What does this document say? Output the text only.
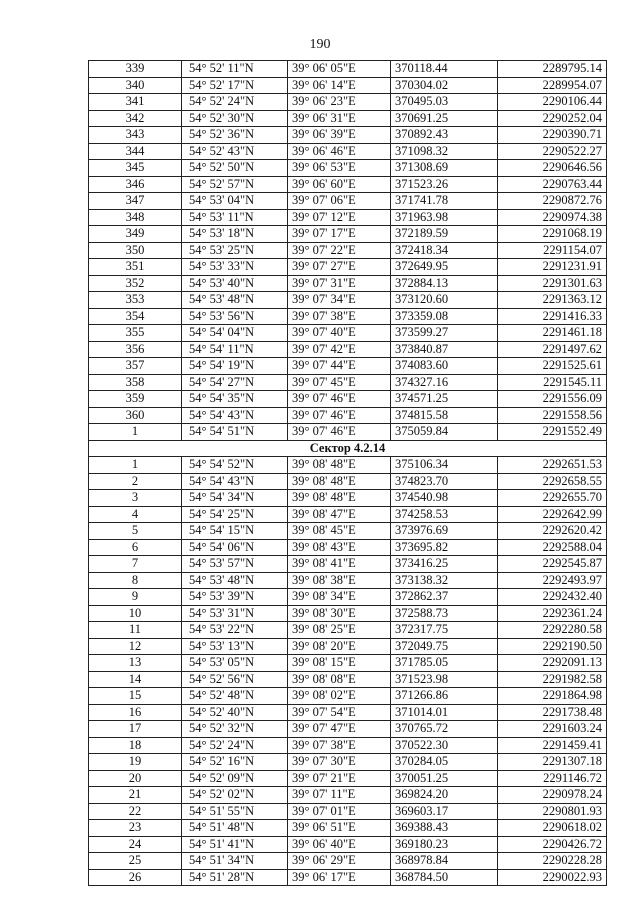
190
339	54° 52' 11"N	39° 06' 05"E	370118.44	2289795.14
340	54° 52' 17"N	39° 06' 14"E	370304.02	2289954.07
341	54° 52' 24"N	39° 06' 23"E	370495.03	2290106.44
342	54° 52' 30"N	39° 06' 31"E	370691.25	2290252.04
343	54° 52' 36"N	39° 06' 39"E	370892.43	2290390.71
344	54° 52' 43"N	39° 06' 46"E	371098.32	2290522.27
345	54° 52' 50"N	39° 06' 53"E	371308.69	2290646.56
346	54° 52' 57"N	39° 06' 60"E	371523.26	2290763.44
347	54° 53' 04"N	39° 07' 06"E	371741.78	2290872.76
348	54° 53' 11"N	39° 07' 12"E	371963.98	2290974.38
349	54° 53' 18"N	39° 07' 17"E	372189.59	2291068.19
350	54° 53' 25"N	39° 07' 22"E	372418.34	2291154.07
351	54° 53' 33"N	39° 07' 27"E	372649.95	2291231.91
352	54° 53' 40"N	39° 07' 31"E	372884.13	2291301.63
353	54° 53' 48"N	39° 07' 34"E	373120.60	2291363.12
354	54° 53' 56"N	39° 07' 38"E	373359.08	2291416.33
355	54° 54' 04"N	39° 07' 40"E	373599.27	2291461.18
356	54° 54' 11"N	39° 07' 42"E	373840.87	2291497.62
357	54° 54' 19"N	39° 07' 44"E	374083.60	2291525.61
358	54° 54' 27"N	39° 07' 45"E	374327.16	2291545.11
359	54° 54' 35"N	39° 07' 46"E	374571.25	2291556.09
360	54° 54' 43"N	39° 07' 46"E	374815.58	2291558.56
1	54° 54' 51"N	39° 07' 46"E	375059.84	2291552.49
Сектор 4.2.14				
1	54° 54' 52"N	39° 08' 48"E	375106.34	2292651.53
2	54° 54' 43"N	39° 08' 48"E	374823.70	2292658.55
3	54° 54' 34"N	39° 08' 48"E	374540.98	2292655.70
4	54° 54' 25"N	39° 08' 47"E	374258.53	2292642.99
5	54° 54' 15"N	39° 08' 45"E	373976.69	2292620.42
6	54° 54' 06"N	39° 08' 43"E	373695.82	2292588.04
7	54° 53' 57"N	39° 08' 41"E	373416.25	2292545.87
8	54° 53' 48"N	39° 08' 38"E	373138.32	2292493.97
9	54° 53' 39"N	39° 08' 34"E	372862.37	2292432.40
10	54° 53' 31"N	39° 08' 30"E	372588.73	2292361.24
11	54° 53' 22"N	39° 08' 25"E	372317.75	2292280.58
12	54° 53' 13"N	39° 08' 20"E	372049.75	2292190.50
13	54° 53' 05"N	39° 08' 15"E	371785.05	2292091.13
14	54° 52' 56"N	39° 08' 08"E	371523.98	2291982.58
15	54° 52' 48"N	39° 08' 02"E	371266.86	2291864.98
16	54° 52' 40"N	39° 07' 54"E	371014.01	2291738.48
17	54° 52' 32"N	39° 07' 47"E	370765.72	2291603.24
18	54° 52' 24"N	39° 07' 38"E	370522.30	2291459.41
19	54° 52' 16"N	39° 07' 30"E	370284.05	2291307.18
20	54° 52' 09"N	39° 07' 21"E	370051.25	2291146.72
21	54° 52' 02"N	39° 07' 11"E	369824.20	2290978.24
22	54° 51' 55"N	39° 07' 01"E	369603.17	2290801.93
23	54° 51' 48"N	39° 06' 51"E	369388.43	2290618.02
24	54° 51' 41"N	39° 06' 40"E	369180.23	2290426.72
25	54° 51' 34"N	39° 06' 29"E	368978.84	2290228.28
26	54° 51' 28"N	39° 06' 17"E	368784.50	2290022.93
